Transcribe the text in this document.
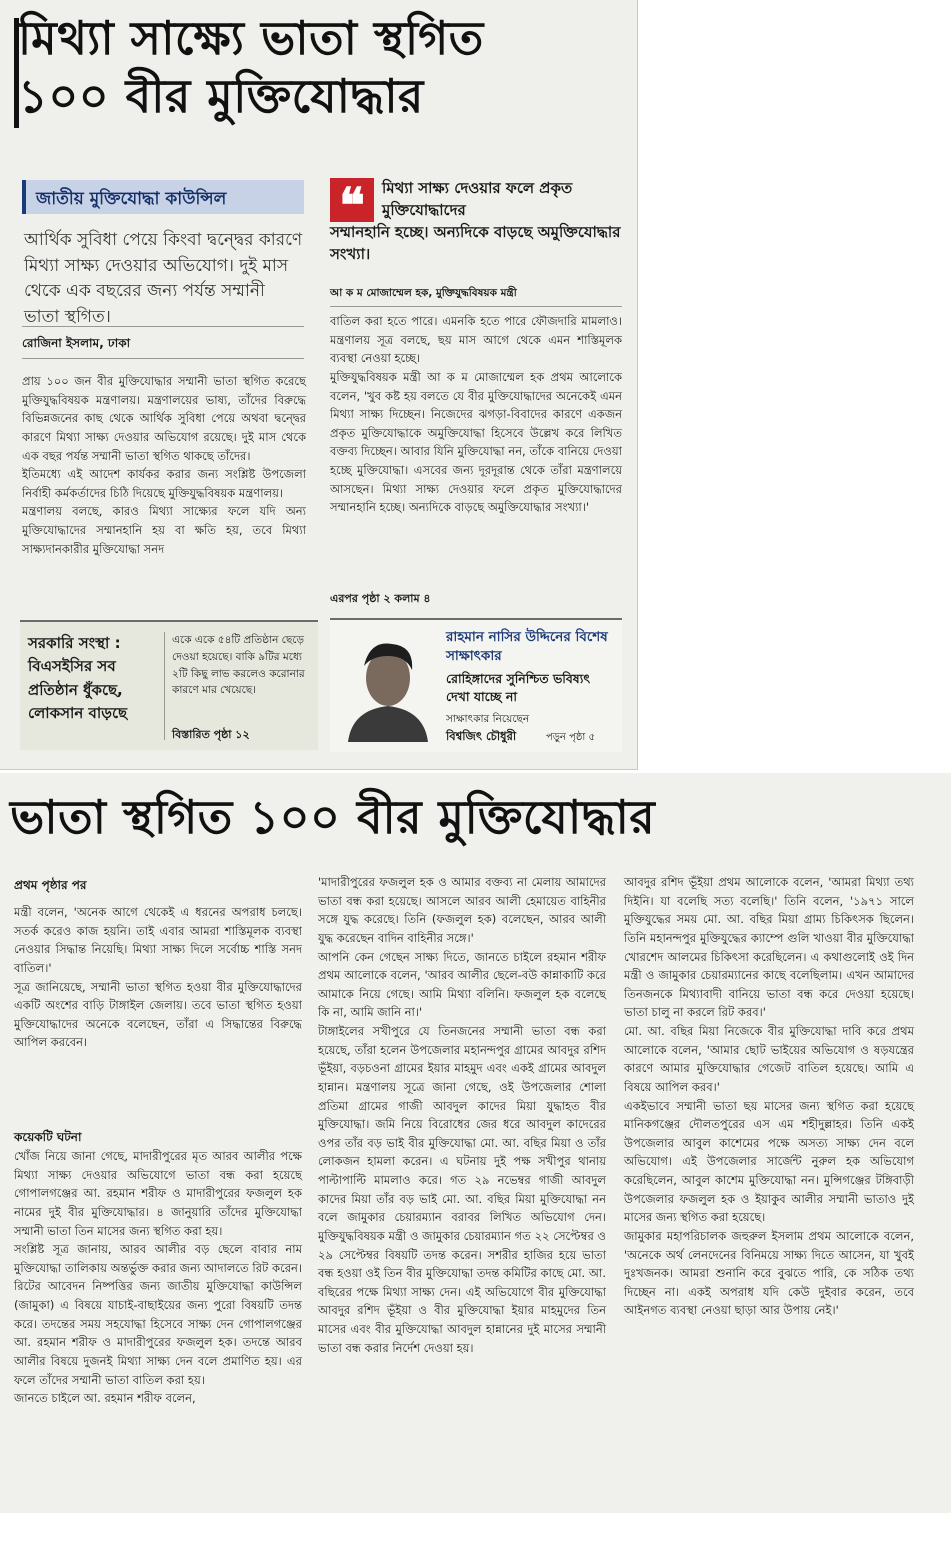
মিথ্যা সাক্ষ্যে ভাতা স্থগিত
১০০ বীর মুক্তিযোদ্ধার
জাতীয় মুক্তিযোদ্ধা কাউন্সিল
আর্থিক সুবিধা পেয়ে কিংবা দ্বন্দ্বের কারণে মিথ্যা সাক্ষ্য দেওয়ার অভিযোগ। দুই মাস থেকে এক বছরের জন্য পর্যন্ত সম্মানী ভাতা স্থগিত।
রোজিনা ইসলাম, ঢাকা
প্রায় ১০০ জন বীর মুক্তিযোদ্ধার সম্মানী ভাতা স্থগিত করেছে মুক্তিযুদ্ধবিষয়ক মন্ত্রণালয়। মন্ত্রণালয়ের ভাষ্য, তাঁদের বিরুদ্ধে বিভিন্নজনের কাছ থেকে আর্থিক সুবিধা পেয়ে অথবা দ্বন্দ্বের কারণে মিথ্যা সাক্ষ্য দেওয়ার অভিযোগ রয়েছে। দুই মাস থেকে এক বছর পর্যন্ত সম্মানী ভাতা স্থগিত থাকছে তাঁদের।
ইতিমধ্যে এই আদেশ কার্যকর করার জন্য সংশ্লিষ্ট উপজেলা নির্বাহী কর্মকর্তাদের চিঠি দিয়েছে মুক্তিযুদ্ধবিষয়ক মন্ত্রণালয়।
মন্ত্রণালয় বলছে, কারও মিথ্যা সাক্ষ্যের ফলে যদি অন্য মুক্তিযোদ্ধাদের সম্মানহানি হয় বা ক্ষতি হয়, তবে মিথ্যা সাক্ষ্যদানকারীর মুক্তিযোদ্ধা সনদ
❝	মিথ্যা সাক্ষ্য দেওয়ার ফলে প্রকৃত মুক্তিযোদ্ধাদের
সম্মানহানি হচ্ছে। অন্যদিকে বাড়ছে অমুক্তিযোদ্ধার সংখ্যা।
আ ক ম মোজাম্মেল হক, মুক্তিযুদ্ধবিষয়ক মন্ত্রী
বাতিল করা হতে পারে। এমনকি হতে পারে ফৌজদারি মামলাও। মন্ত্রণালয় সূত্র বলছে, ছয় মাস আগে থেকে এমন শাস্তিমূলক ব্যবস্থা নেওয়া হচ্ছে।
মুক্তিযুদ্ধবিষয়ক মন্ত্রী আ ক ম মোজাম্মেল হক প্রথম আলোকে বলেন, 'খুব কষ্ট হয় বলতে যে বীর মুক্তিযোদ্ধাদের অনেকেই এমন মিথ্যা সাক্ষ্য দিচ্ছেন। নিজেদের ঝগড়া-বিবাদের কারণে একজন প্রকৃত মুক্তিযোদ্ধাকে অমুক্তিযোদ্ধা হিসেবে উল্লেখ করে লিখিত বক্তব্য দিচ্ছেন। আবার যিনি মুক্তিযোদ্ধা নন, তাঁকে বানিয়ে দেওয়া হচ্ছে মুক্তিযোদ্ধা। এসবের জন্য দূরদূরান্ত থেকে তাঁরা মন্ত্রণালয়ে আসছেন। মিথ্যা সাক্ষ্য দেওয়ার ফলে প্রকৃত মুক্তিযোদ্ধাদের সম্মানহানি হচ্ছে। অন্যদিকে বাড়ছে অমুক্তিযোদ্ধার সংখ্যা।'
এরপর পৃষ্ঠা ২ কলাম ৪
সরকারি সংস্থা : বিএসইসির সব প্রতিষ্ঠান ধুঁকছে, লোকসান বাড়ছে
একে একে ৫৪টি প্রতিষ্ঠান ছেড়ে দেওয়া হয়েছে। বাকি ৯টির মধ্যে ২টি কিছু লাভ করলেও করোনার কারণে মার খেয়েছে।
বিস্তারিত পৃষ্ঠা ১২
রাহমান নাসির উদ্দিনের বিশেষ সাক্ষাৎকার
রোহিঙ্গাদের সুনিশ্চিত ভবিষ্যৎ দেখা যাচ্ছে না
সাক্ষাৎকার নিয়েছেন
বিশ্বজিৎ চৌধুরী	পড়ুন পৃষ্ঠা ৫
ভাতা স্থগিত ১০০ বীর মুক্তিযোদ্ধার
প্রথম পৃষ্ঠার পর
মন্ত্রী বলেন, 'অনেক আগে থেকেই এ ধরনের অপরাধ চলছে। সতর্ক করেও কাজ হয়নি। তাই এবার আমরা শাস্তিমূলক ব্যবস্থা নেওয়ার সিদ্ধান্ত নিয়েছি। মিথ্যা সাক্ষ্য দিলে সর্বোচ্চ শাস্তি সনদ বাতিল।'
সূত্র জানিয়েছে, সম্মানী ভাতা স্থগিত হওয়া বীর মুক্তিযোদ্ধাদের একটি অংশের বাড়ি টাঙ্গাইল জেলায়। তবে ভাতা স্থগিত হওয়া মুক্তিযোদ্ধাদের অনেকে বলেছেন, তাঁরা এ সিদ্ধান্তের বিরুদ্ধে আপিল করবেন।
কয়েকটি ঘটনা
খোঁজ নিয়ে জানা গেছে, মাদারীপুরের মৃত আরব আলীর পক্ষে মিথ্যা সাক্ষ্য দেওয়ার অভিযোগে ভাতা বন্ধ করা হয়েছে গোপালগঞ্জের আ. রহমান শরীফ ও মাদারীপুরের ফজলুল হক নামের দুই বীর মুক্তিযোদ্ধার। ৪ জানুয়ারি তাঁদের মুক্তিযোদ্ধা সম্মানী ভাতা তিন মাসের জন্য স্থগিত করা হয়।
সংশ্লিষ্ট সূত্র জানায়, আরব আলীর বড় ছেলে বাবার নাম মুক্তিযোদ্ধা তালিকায় অন্তর্ভুক্ত করার জন্য আদালতে রিট করেন। রিটের আবেদন নিষ্পত্তির জন্য জাতীয় মুক্তিযোদ্ধা কাউন্সিল (জামুকা) এ বিষয়ে যাচাই-বাছাইয়ের জন্য পুরো বিষয়টি তদন্ত করে। তদন্তের সময় সহযোদ্ধা হিসেবে সাক্ষ্য দেন গোপালগঞ্জের আ. রহমান শরীফ ও মাদারীপুরের ফজলুল হক। তদন্তে আরব আলীর বিষয়ে দুজনই মিথ্যা সাক্ষ্য দেন বলে প্রমাণিত হয়। এর ফলে তাঁদের সম্মানী ভাতা বাতিল করা হয়।
জানতে চাইলে আ. রহমান শরীফ বলেন,
'মাদারীপুরের ফজলুল হক ও আমার বক্তব্য না মেলায় আমাদের ভাতা বন্ধ করা হয়েছে। আসলে আরব আলী হেমায়েত বাহিনীর সঙ্গে যুদ্ধ করেছে। তিনি (ফজলুল হক) বলেছেন, আরব আলী যুদ্ধ করেছেন বাদিন বাহিনীর সঙ্গে।'
আপনি কেন গেছেন সাক্ষ্য দিতে, জানতে চাইলে রহমান শরীফ প্রথম আলোকে বলেন, 'আরব আলীর ছেলে-বউ কান্নাকাটি করে আমাকে নিয়ে গেছে। আমি মিথ্যা বলিনি। ফজলুল হক বলেছে কি না, আমি জানি না।'
টাঙ্গাইলের সখীপুরে যে তিনজনের সম্মানী ভাতা বন্ধ করা হয়েছে, তাঁরা হলেন উপজেলার মহানন্দপুর গ্রামের আবদুর রশিদ ভূঁইয়া, বড়চওনা গ্রামের ইয়ার মাহমুদ এবং একই গ্রামের আবদুল হান্নান। মন্ত্রণালয় সূত্রে জানা গেছে, ওই উপজেলার শোলা প্রতিমা গ্রামের গাজী আবদুল কাদের মিয়া যুদ্ধাহত বীর মুক্তিযোদ্ধা। জমি নিয়ে বিরোধের জের ধরে আবদুল কাদেরের ওপর তাঁর বড় ভাই বীর মুক্তিযোদ্ধা মো. আ. বছির মিয়া ও তাঁর লোকজন হামলা করেন। এ ঘটনায় দুই পক্ষ সখীপুর থানায় পাল্টাপাল্টি মামলাও করে। গত ২৯ নভেম্বর গাজী আবদুল কাদের মিয়া তাঁর বড় ভাই মো. আ. বছির মিয়া মুক্তিযোদ্ধা নন বলে জামুকার চেয়ারম্যান বরাবর লিখিত অভিযোগ দেন। মুক্তিযুদ্ধবিষয়ক মন্ত্রী ও জামুকার চেয়ারম্যান গত ২২ সেপ্টেম্বর ও ২৯ সেপ্টেম্বর বিষয়টি তদন্ত করেন। সশরীর হাজির হয়ে ভাতা বন্ধ হওয়া ওই তিন বীর মুক্তিযোদ্ধা তদন্ত কমিটির কাছে মো. আ. বছিরের পক্ষে মিথ্যা সাক্ষ্য দেন। এই অভিযোগে বীর মুক্তিযোদ্ধা আবদুর রশিদ ভূঁইয়া ও বীর মুক্তিযোদ্ধা ইয়ার মাহমুদের তিন মাসের এবং বীর মুক্তিযোদ্ধা আবদুল হান্নানের দুই মাসের সম্মানী ভাতা বন্ধ করার নির্দেশ দেওয়া হয়।
আবদুর রশিদ ভূঁইয়া প্রথম আলোকে বলেন, 'আমরা মিথ্যা তথ্য দিইনি। যা বলেছি সত্য বলেছি।' তিনি বলেন, '১৯৭১ সালে মুক্তিযুদ্ধের সময় মো. আ. বছির মিয়া গ্রাম্য চিকিৎসক ছিলেন। তিনি মহানন্দপুর মুক্তিযুদ্ধের ক্যাম্পে গুলি খাওয়া বীর মুক্তিযোদ্ধা খোরশেদ আলমের চিকিৎসা করেছিলেন। এ কথাগুলোই ওই দিন মন্ত্রী ও জামুকার চেয়ারম্যানের কাছে বলেছিলাম। এখন আমাদের তিনজনকে মিথ্যাবাদী বানিয়ে ভাতা বন্ধ করে দেওয়া হয়েছে। ভাতা চালু না করলে রিট করব।'
মো. আ. বছির মিয়া নিজেকে বীর মুক্তিযোদ্ধা দাবি করে প্রথম আলোকে বলেন, 'আমার ছোট ভাইয়ের অভিযোগ ও ষড়যন্ত্রের কারণে আমার মুক্তিযোদ্ধার গেজেট বাতিল হয়েছে। আমি এ বিষয়ে আপিল করব।'
একইভাবে সম্মানী ভাতা ছয় মাসের জন্য স্থগিত করা হয়েছে মানিকগঞ্জের দৌলতপুরের এস এম শহীদুল্লাহর। তিনি একই উপজেলার আবুল কাশেমের পক্ষে অসত্য সাক্ষ্য দেন বলে অভিযোগ। এই উপজেলার সার্জেন্ট নুরুল হক অভিযোগ করেছিলেন, আবুল কাশেম মুক্তিযোদ্ধা নন। মুন্সিগঞ্জের টঙ্গিবাড়ী উপজেলার ফজলুল হক ও ইয়াকুব আলীর সম্মানী ভাতাও দুই মাসের জন্য স্থগিত করা হয়েছে।
জামুকার মহাপরিচালক জহুরুল ইসলাম প্রথম আলোকে বলেন, 'অনেকে অর্থ লেনদেনের বিনিময়ে সাক্ষ্য দিতে আসেন, যা খুবই দুঃখজনক। আমরা শুনানি করে বুঝতে পারি, কে সঠিক তথ্য দিচ্ছেন না। একই অপরাধ যদি কেউ দুইবার করেন, তবে আইনগত ব্যবস্থা নেওয়া ছাড়া আর উপায় নেই।'
